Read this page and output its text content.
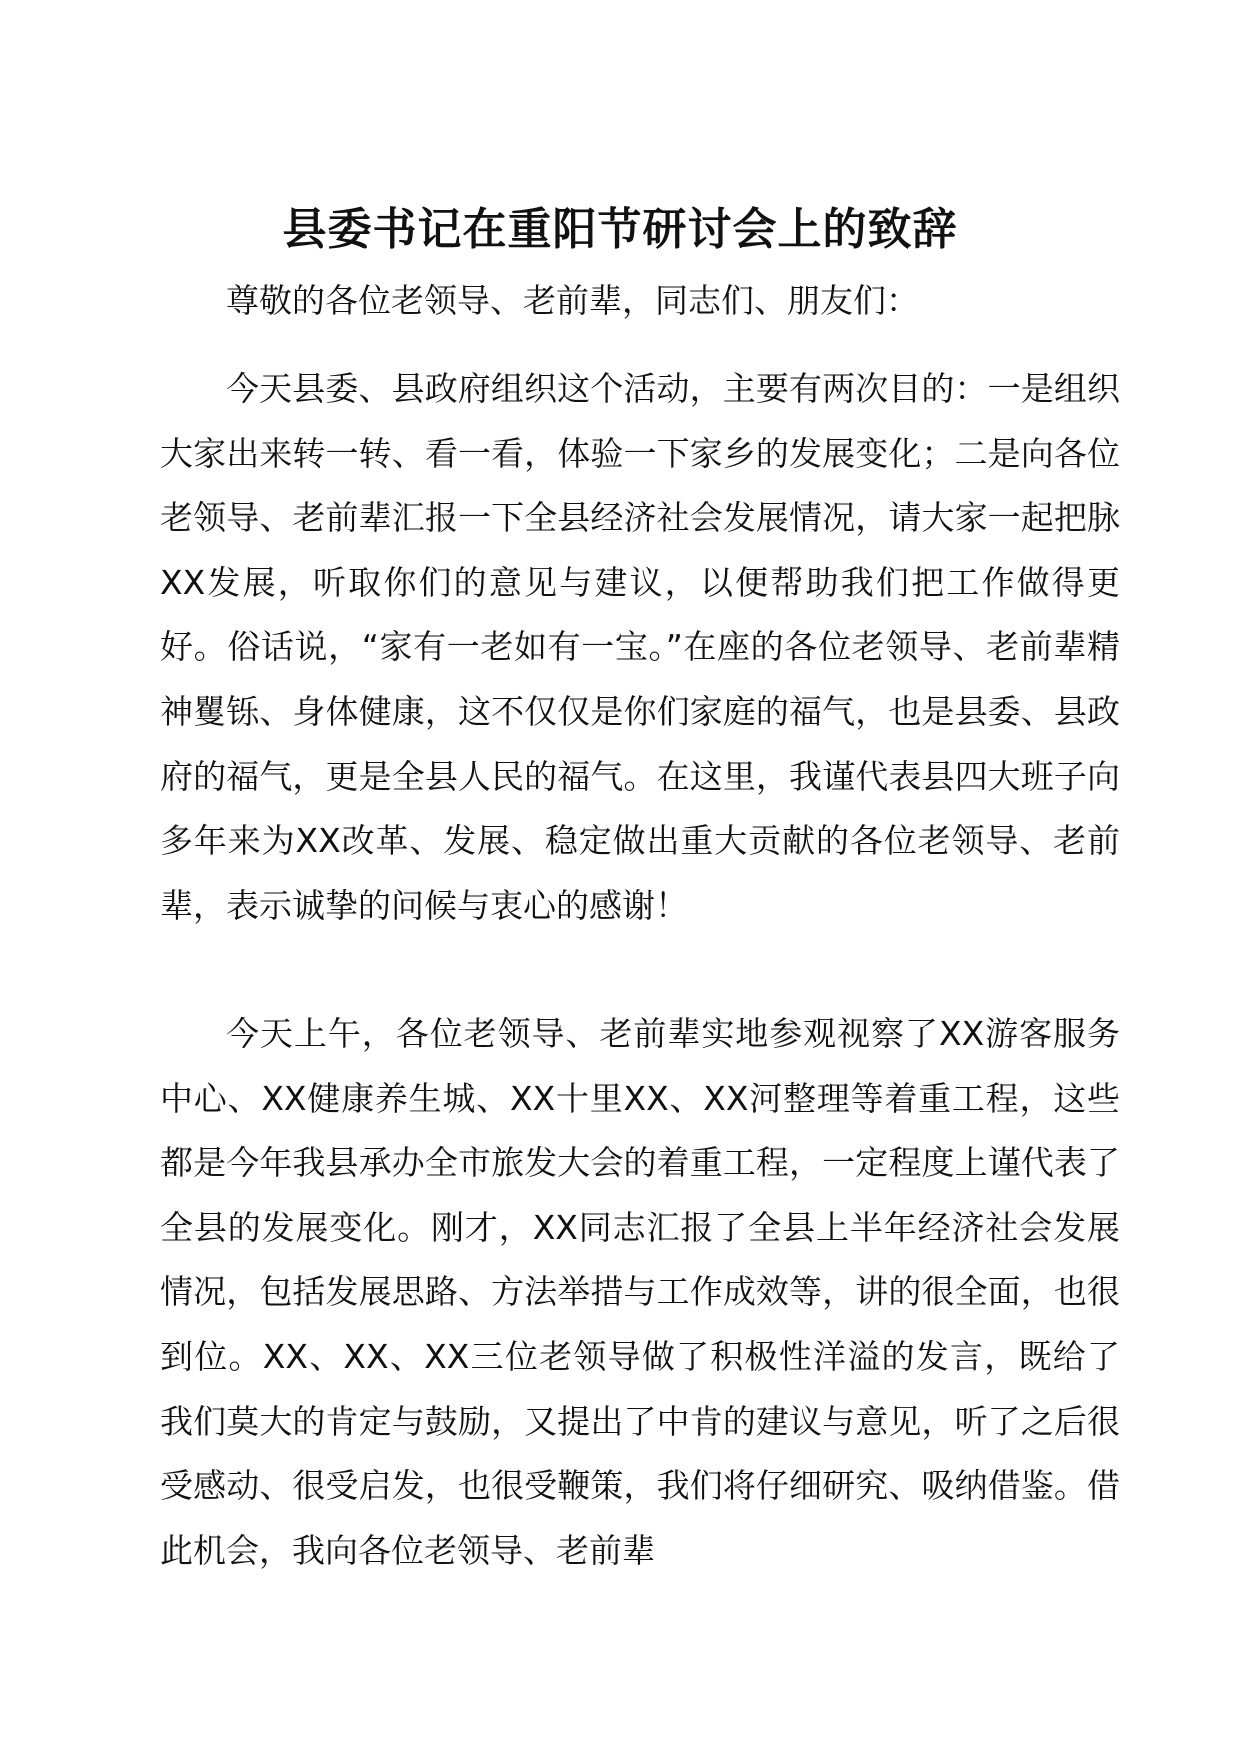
县委书记在重阳节研讨会上的致辞

尊敬的各位老领导、老前辈，同志们、朋友们：

今天县委、县政府组织这个活动，主要有两次目的：一是组织大家出来转一转、看一看，体验一下家乡的发展变化；二是向各位老领导、老前辈汇报一下全县经济社会发展情况，请大家一起把脉XX发展，听取你们的意见与建议，以便帮助我们把工作做得更好。俗话说，“家有一老如有一宝。”在座的各位老领导、老前辈精神矍铄、身体健康，这不仅仅是你们家庭的福气，也是县委、县政府的福气，更是全县人民的福气。在这里，我谨代表县四大班子向多年来为XX改革、发展、稳定做出重大贡献的各位老领导、老前辈，表示诚挚的问候与衷心的感谢！

今天上午，各位老领导、老前辈实地参观视察了XX游客服务中心、XX健康养生城、XX十里XX、XX河整理等着重工程，这些都是今年我县承办全市旅发大会的着重工程，一定程度上谨代表了全县的发展变化。刚才，XX同志汇报了全县上半年经济社会发展情况，包括发展思路、方法举措与工作成效等，讲的很全面，也很到位。XX、XX、XX三位老领导做了积极性洋溢的发言，既给了我们莫大的肯定与鼓励，又提出了中肯的建议与意见，听了之后很受感动、很受启发，也很受鞭策，我们将仔细研究、吸纳借鉴。借此机会，我向各位老领导、老前辈
